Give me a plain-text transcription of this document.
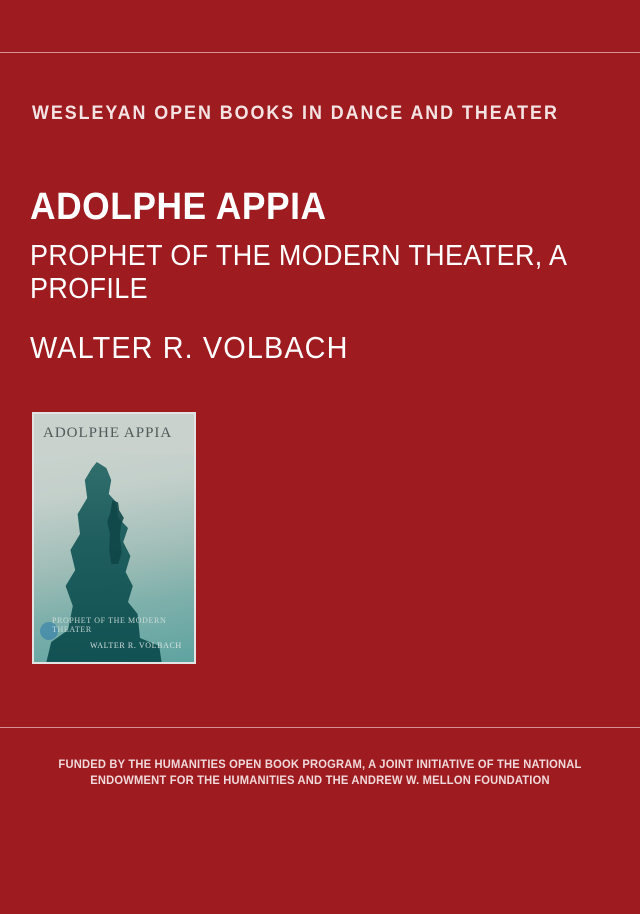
WESLEYAN OPEN BOOKS IN DANCE AND THEATER
ADOLPHE APPIA
PROPHET OF THE MODERN THEATER, A PROFILE
WALTER R. VOLBACH
ADOLPHE APPIA
PROPHET OF THE MODERN THEATER
WALTER R. VOLBACH
FUNDED BY THE HUMANITIES OPEN BOOK PROGRAM, A JOINT INITIATIVE OF THE NATIONAL
ENDOWMENT FOR THE HUMANITIES AND THE ANDREW W. MELLON FOUNDATION
